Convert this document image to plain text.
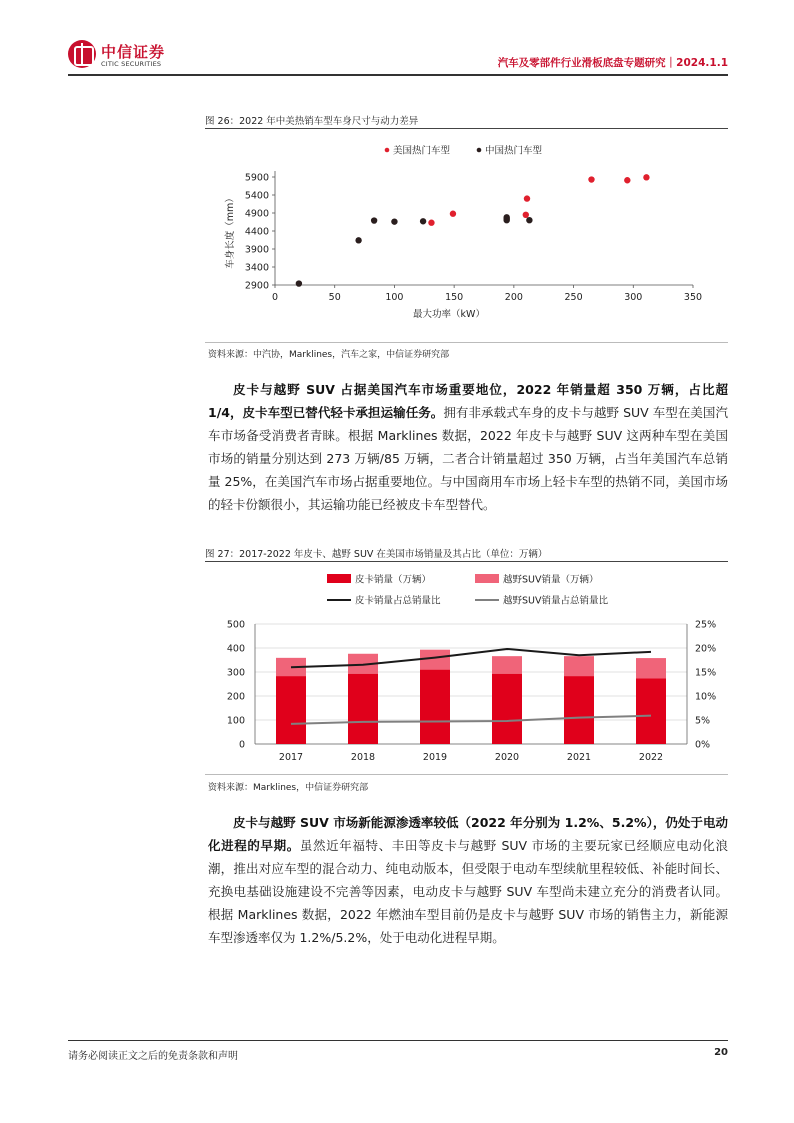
中信证券
CITIC SECURITIES	汽车及零部件行业滑板底盘专题研究｜2024.1.1
图 26：2022 年中美热销车型车身尺寸与动力差异
美国热门车型	中国热门车型
2900
3400
3900
4400
4900
5400
5900
0	50	100	150	200	250	300	350
最大功率（kW）
车身长度（mm）
资料来源：中汽协，Marklines，汽车之家，中信证券研究部

皮卡与越野 SUV 占据美国汽车市场重要地位，2022 年销量超 350 万辆，占比超 1/4，皮卡车型已替代轻卡承担运输任务。拥有非承载式车身的皮卡与越野 SUV 车型在美国汽车市场备受消费者青睐。根据 Marklines 数据，2022 年皮卡与越野 SUV 这两种车型在美国市场的销量分别达到 273 万辆/85 万辆，二者合计销量超过 350 万辆，占当年美国汽车总销量 25%，在美国汽车市场占据重要地位。与中国商用车市场上轻卡车型的热销不同，美国市场的轻卡份额很小，其运输功能已经被皮卡车型替代。

图 27：2017-2022 年皮卡、越野 SUV 在美国市场销量及其占比（单位：万辆）
皮卡销量（万辆）	越野SUV销量（万辆）
皮卡销量占总销量比	越野SUV销量占总销量比
0
100
200
300
400
500
0%
5%
10%
15%
20%
25%
2017	2018	2019	2020	2021	2022
资料来源：Marklines，中信证券研究部

皮卡与越野 SUV 市场新能源渗透率较低（2022 年分别为 1.2%、5.2%），仍处于电动化进程的早期。虽然近年福特、丰田等皮卡与越野 SUV 市场的主要玩家已经顺应电动化浪潮，推出对应车型的混合动力、纯电动版本，但受限于电动车型续航里程较低、补能时间长、充换电基础设施建设不完善等因素，电动皮卡与越野 SUV 车型尚未建立充分的消费者认同。根据 Marklines 数据，2022 年燃油车型目前仍是皮卡与越野 SUV 市场的销售主力，新能源车型渗透率仅为 1.2%/5.2%，处于电动化进程早期。

请务必阅读正文之后的免责条款和声明	20
